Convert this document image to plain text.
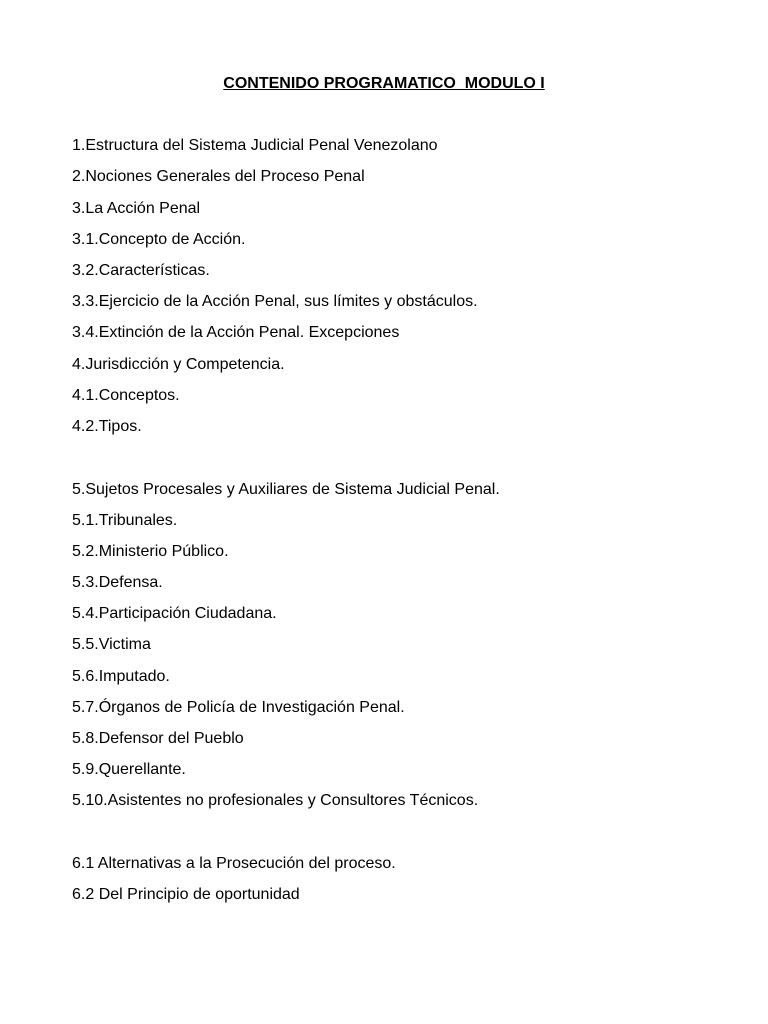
CONTENIDO PROGRAMATICO  MODULO I
1.Estructura del Sistema Judicial Penal Venezolano
2.Nociones Generales del Proceso Penal
3.La Acción Penal
3.1.Concepto de Acción.
3.2.Características.
3.3.Ejercicio de la Acción Penal, sus límites y obstáculos.
3.4.Extinción de la Acción Penal. Excepciones
4.Jurisdicción y Competencia.
4.1.Conceptos.
4.2.Tipos.
5.Sujetos Procesales y Auxiliares de Sistema Judicial Penal.
5.1.Tribunales.
5.2.Ministerio Público.
5.3.Defensa.
5.4.Participación Ciudadana.
5.5.Victima
5.6.Imputado.
5.7.Órganos de Policía de Investigación Penal.
5.8.Defensor del Pueblo
5.9.Querellante.
5.10.Asistentes no profesionales y Consultores Técnicos.
6.1 Alternativas a la Prosecución del proceso.
6.2 Del Principio de oportunidad
